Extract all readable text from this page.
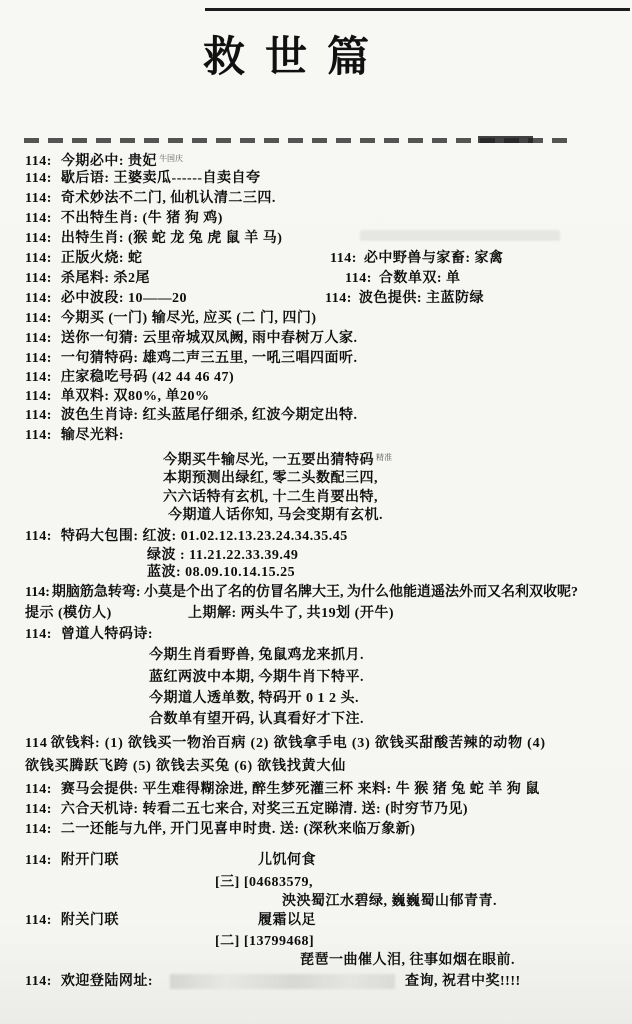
救世篇
114: 今期必中: 贵妃 $^{牛国庆}$
114: 歇后语: 王婆卖瓜------自卖自夸
114: 奇术妙法不二门, 仙机认清二三四.
114: 不出特生肖: (牛 猪 狗 鸡)
114: 出特生肖: (猴 蛇 龙 兔 虎 鼠 羊 马)
114: 正版火烧: 蛇	114: 必中野兽与家畜: 家禽
114: 杀尾料: 杀2尾	114: 合数单双: 单
114: 必中波段: 10——20	114: 波色提供: 主蓝防绿
114: 今期买 (一门) 输尽光, 应买 (二 门, 四门)
114: 送你一句猜: 云里帝城双凤阙, 雨中春树万人家.
114: 一句猜特码: 雄鸡二声三五里, 一吼三唱四面听.
114: 庄家稳吃号码 (42 44 46 47)
114: 单双料: 双80%, 单20%
114: 波色生肖诗: 红头蓝尾仔细杀, 红波今期定出特.
114: 输尽光料:
今期买牛输尽光, 一五要出猜特码 $^{精准}$
本期预测出绿红, 零二头数配三四,
六六话特有玄机, 十二生肖要出特,
今期道人话你知, 马会变期有玄机.
114: 特码大包围: 红波: 01.02.12.13.23.24.34.35.45
绿波 : 11.21.22.33.39.49
蓝波: 08.09.10.14.15.25
114: 期脑筋急转弯: 小莫是个出了名的仿冒名牌大王, 为什么他能逍遥法外而又名利双收呢?
提示 (模仿人)	上期解: 两头牛了, 共19划 (开牛)
114: 曾道人特码诗:
今期生肖看野兽, 兔鼠鸡龙来抓月.
蓝红两波中本期, 今期牛肖下特平.
今期道人透单数, 特码开 0 1 2 头.
合数单有望开码, 认真看好才下注.
114 欲钱料: (1) 欲钱买一物治百病 (2) 欲钱拿手电 (3) 欲钱买甜酸苦辣的动物 (4)
欲钱买腾跃飞跨 (5) 欲钱去买兔 (6) 欲钱找黄大仙
114: 赛马会提供: 平生难得糊涂进, 醉生梦死灌三杯 来料: 牛 猴 猪 兔 蛇 羊 狗 鼠
114: 六合天机诗: 转看二五七来合, 对奖三五定睇清. 送: (时穷节乃见)
114: 二一还能与九伴, 开门见喜申时贵. 送: (深秋来临万象新)
114: 附开门联	儿饥何食
[三] [04683579,
泱泱蜀江水碧绿, 巍巍蜀山郁青青.
114: 附关门联	履霜以足
[二] [13799468]
琵琶一曲催人泪, 往事如烟在眼前.
114: 欢迎登陆网址:	查询, 祝君中奖!!!!
